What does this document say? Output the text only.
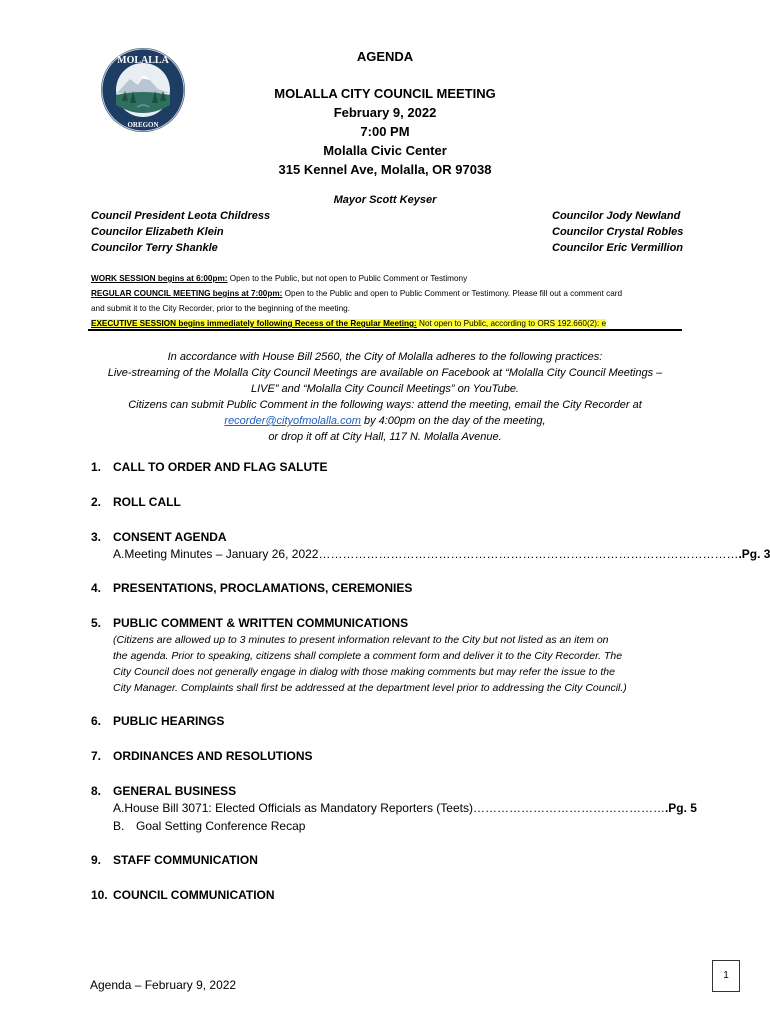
MOLALLA
OREGON
AGENDA
MOLALLA CITY COUNCIL MEETING
February 9, 2022
7:00 PM
Molalla Civic Center
315 Kennel Ave, Molalla, OR 97038
Mayor Scott Keyser
Council President Leota Childress
Councilor Elizabeth Klein
Councilor Terry Shankle
Councilor Jody Newland
Councilor Crystal Robles
Councilor Eric Vermillion
WORK SESSION begins at 6:00pm: Open to the Public, but not open to Public Comment or Testimony
REGULAR COUNCIL MEETING begins at 7:00pm: Open to the Public and open to Public Comment or Testimony. Please fill out a comment card
and submit it to the City Recorder, prior to the beginning of the meeting.
EXECUTIVE SESSION begins immediately following Recess of the Regular Meeting: Not open to Public, according to ORS 192.660(2): e
In accordance with House Bill 2560, the City of Molalla adheres to the following practices:
Live-streaming of the Molalla City Council Meetings are available on Facebook at “Molalla City Council Meetings –
LIVE” and “Molalla City Council Meetings” on YouTube.
Citizens can submit Public Comment in the following ways: attend the meeting, email the City Recorder at
recorder@cityofmolalla.com by 4:00pm on the day of the meeting,
or drop it off at City Hall, 117 N. Molalla Avenue.
1. CALL TO ORDER AND FLAG SALUTE
2. ROLL CALL
3. CONSENT AGENDA
A. Meeting Minutes – January 26, 2022 …………………………………………………………………………………………… .Pg. 3
4. PRESENTATIONS, PROCLAMATIONS, CEREMONIES
5. PUBLIC COMMENT & WRITTEN COMMUNICATIONS
(Citizens are allowed up to 3 minutes to present information relevant to the City but not listed as an item on
the agenda. Prior to speaking, citizens shall complete a comment form and deliver it to the City Recorder. The
City Council does not generally engage in dialog with those making comments but may refer the issue to the
City Manager. Complaints shall first be addressed at the department level prior to addressing the City Council.)
6. PUBLIC HEARINGS
7. ORDINANCES AND RESOLUTIONS
8. GENERAL BUSINESS
A. House Bill 3071: Elected Officials as Mandatory Reporters (Teets) ………………………………………… .Pg. 5
B. Goal Setting Conference Recap
9. STAFF COMMUNICATION
10. COUNCIL COMMUNICATION
Agenda – February 9, 2022
1
